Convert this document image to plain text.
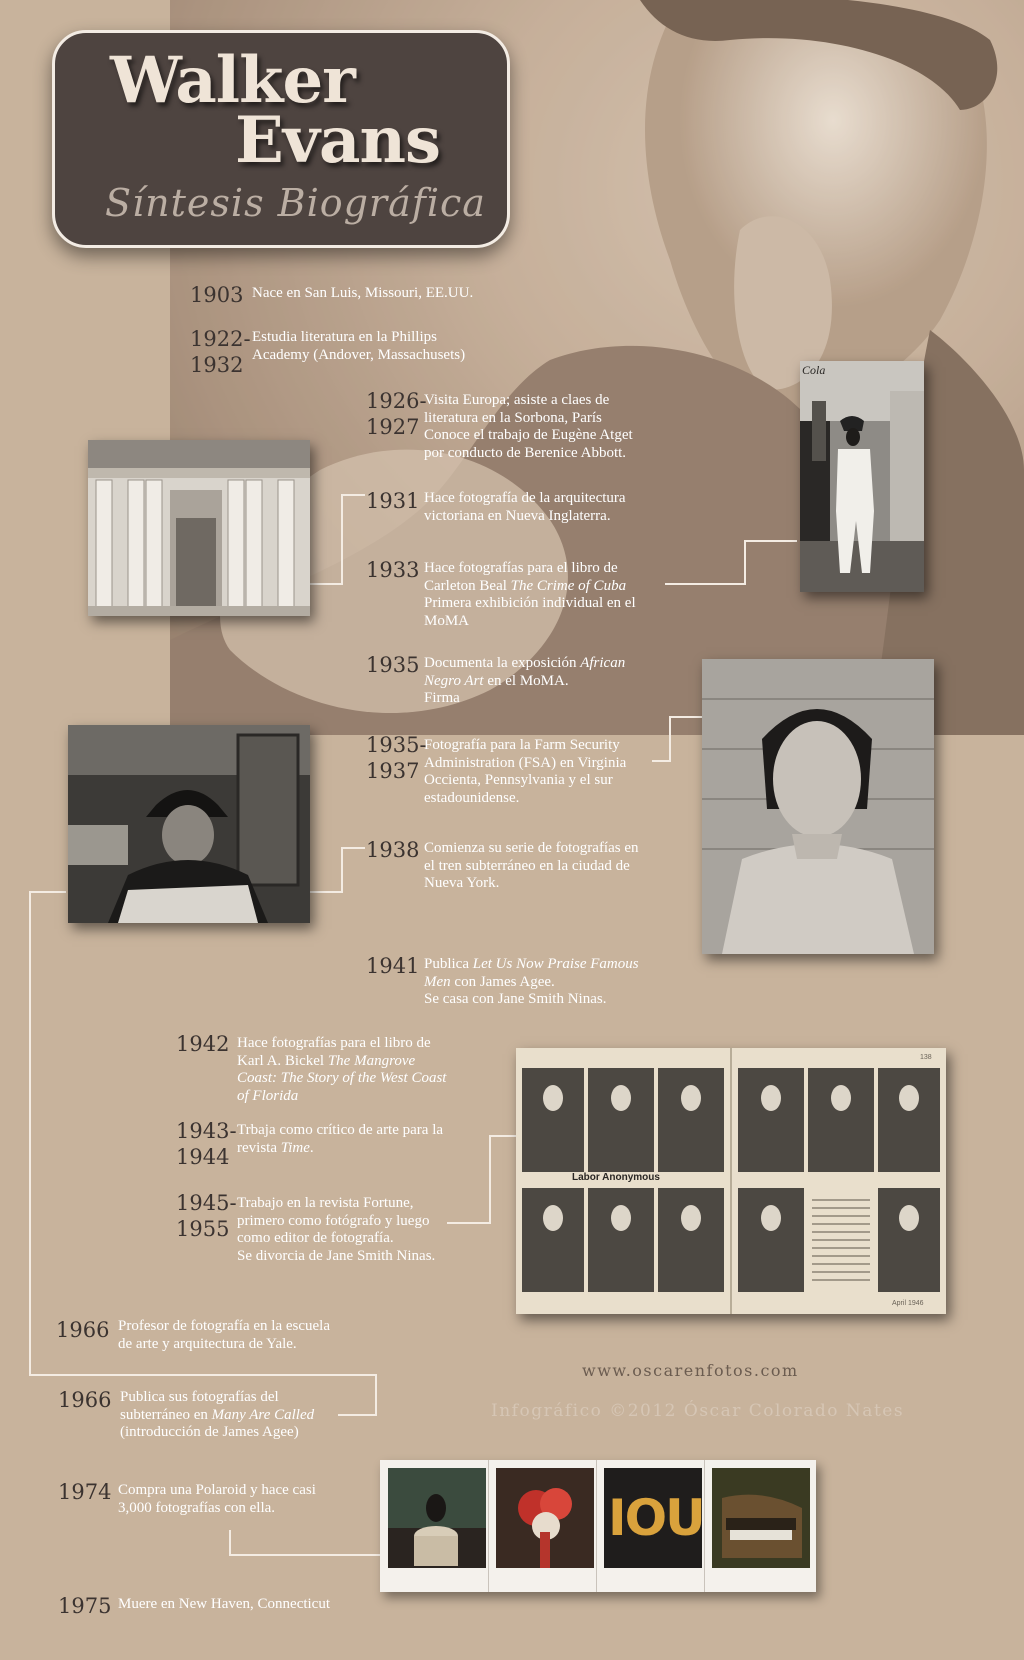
Walker
Evans
Síntesis Biográfica
Cola
Labor Anonymous
138
April 1946
IOU
www.oscarenfotos.com
Infográfico ©2012 Óscar Colorado Nates
1903 Nace en San Luis, Missouri, EE.UU.
1922-
1932
Estudia literatura en la Phillips
Academy (Andover, Massachusets)
1926-
1927
Visita Europa; asiste a claes de
literatura en la Sorbona, París
Conoce el trabajo de Eugène Atget
por conducto de Berenice Abbott.
1931 Hace fotografía de la arquitectura
victoriana en Nueva Inglaterra.
1933 Hace fotografías para el libro de
Carleton Beal The Crime of Cuba
Primera exhibición individual en el
MoMA
1935 Documenta la exposición African
Negro Art en el MoMA.
Firma
1935-
1937
Fotografía para la Farm Security
Administration (FSA) en Virginia
Occienta, Pennsylvania y el sur
estadounidense.
1938 Comienza su serie de fotografías en
el tren subterráneo en la ciudad de
Nueva York.
1941 Publica Let Us Now Praise Famous
Men con James Agee.
Se casa con Jane Smith Ninas.
1942 Hace fotografías para el libro de
Karl A. Bickel The Mangrove
Coast: The Story of the West Coast
of Florida
1943-
1944
Trbaja como crítico de arte para la
revista Time.
1945-
1955
Trabajo en la revista Fortune,
primero como fotógrafo y luego
como editor de fotografía.
Se divorcia de Jane Smith Ninas.
1966 Profesor de fotografía en la escuela
de arte y arquitectura de Yale.
1966 Publica sus fotografías del
subterráneo en Many Are Called
(introducción de James Agee)
1974 Compra una Polaroid y hace casi
3,000 fotografías con ella.
1975 Muere en New Haven, Connecticut
